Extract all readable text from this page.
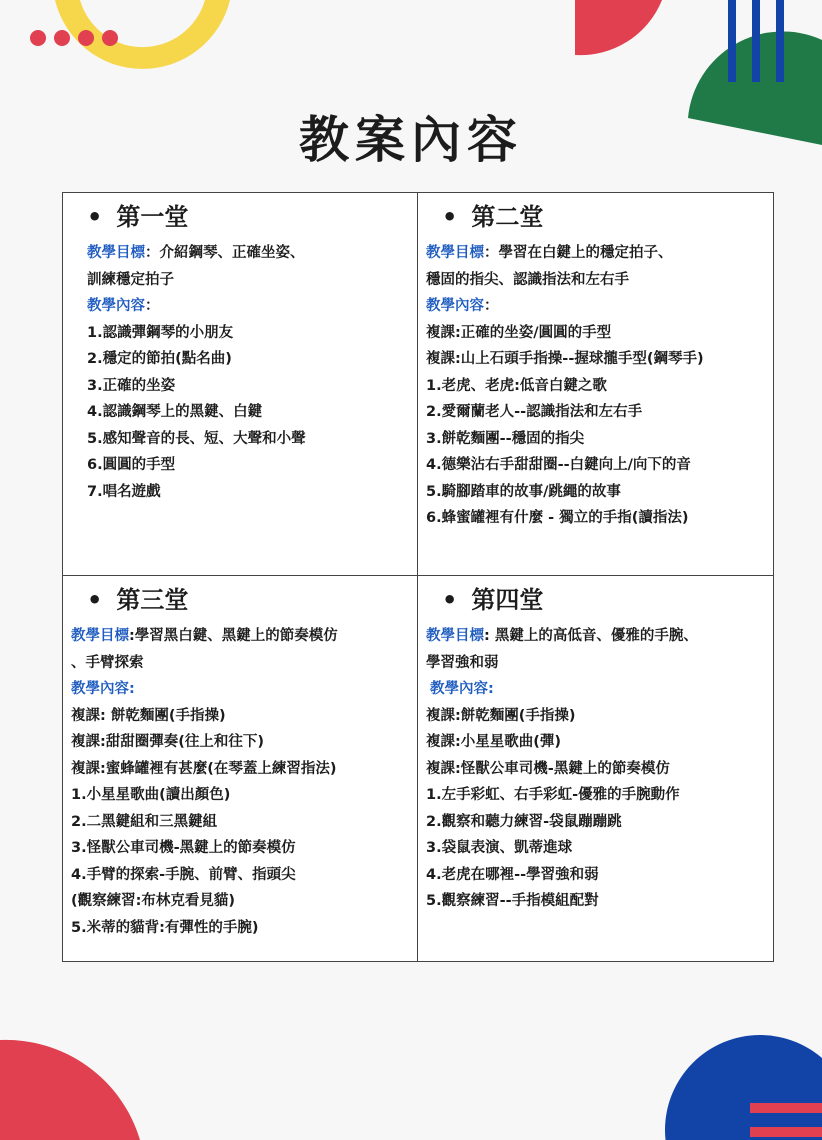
教案內容
• 第一堂
教學目標：介紹鋼琴、正確坐姿、
訓練穩定拍子
教學內容：
1.認識彈鋼琴的小朋友
2.穩定的節拍(點名曲)
3.正確的坐姿
4.認識鋼琴上的黑鍵、白鍵
5.感知聲音的長、短、大聲和小聲
6.圓圓的手型
7.唱名遊戲
• 第二堂
教學目標：學習在白鍵上的穩定拍子、
穩固的指尖、認識指法和左右手
教學內容：
複課:正確的坐姿/圓圓的手型
複課:山上石頭手指操--握球攏手型(鋼琴手)
1.老虎、老虎:低音白鍵之歌
2.愛爾蘭老人--認識指法和左右手
3.餅乾麵團--穩固的指尖
4.德樂沾右手甜甜圈--白鍵向上/向下的音
5.騎腳踏車的故事/跳繩的故事
6.蜂蜜罐裡有什麼 - 獨立的手指(讀指法)
• 第三堂
教學目標:學習黑白鍵、黑鍵上的節奏模仿
、手臂探索
教學內容:
複課: 餅乾麵團(手指操)
複課:甜甜圈彈奏(往上和往下)
複課:蜜蜂罐裡有甚麼(在琴蓋上練習指法)
1.小星星歌曲(讀出顏色)
2.二黑鍵組和三黑鍵組
3.怪獸公車司機-黑鍵上的節奏模仿
4.手臂的探索-手腕、前臂、指頭尖
(觀察練習:布林克看見貓)
5.米蒂的貓背:有彈性的手腕)
• 第四堂
教學目標: 黑鍵上的高低音、優雅的手腕、
學習強和弱
教學內容:
複課:餅乾麵團(手指操)
複課:小星星歌曲(彈)
複課:怪獸公車司機-黑鍵上的節奏模仿
1.左手彩虹、右手彩虹-優雅的手腕動作
2.觀察和聽力練習-袋鼠蹦蹦跳
3.袋鼠表演、凱蒂進球
4.老虎在哪裡--學習強和弱
5.觀察練習--手指模組配對
